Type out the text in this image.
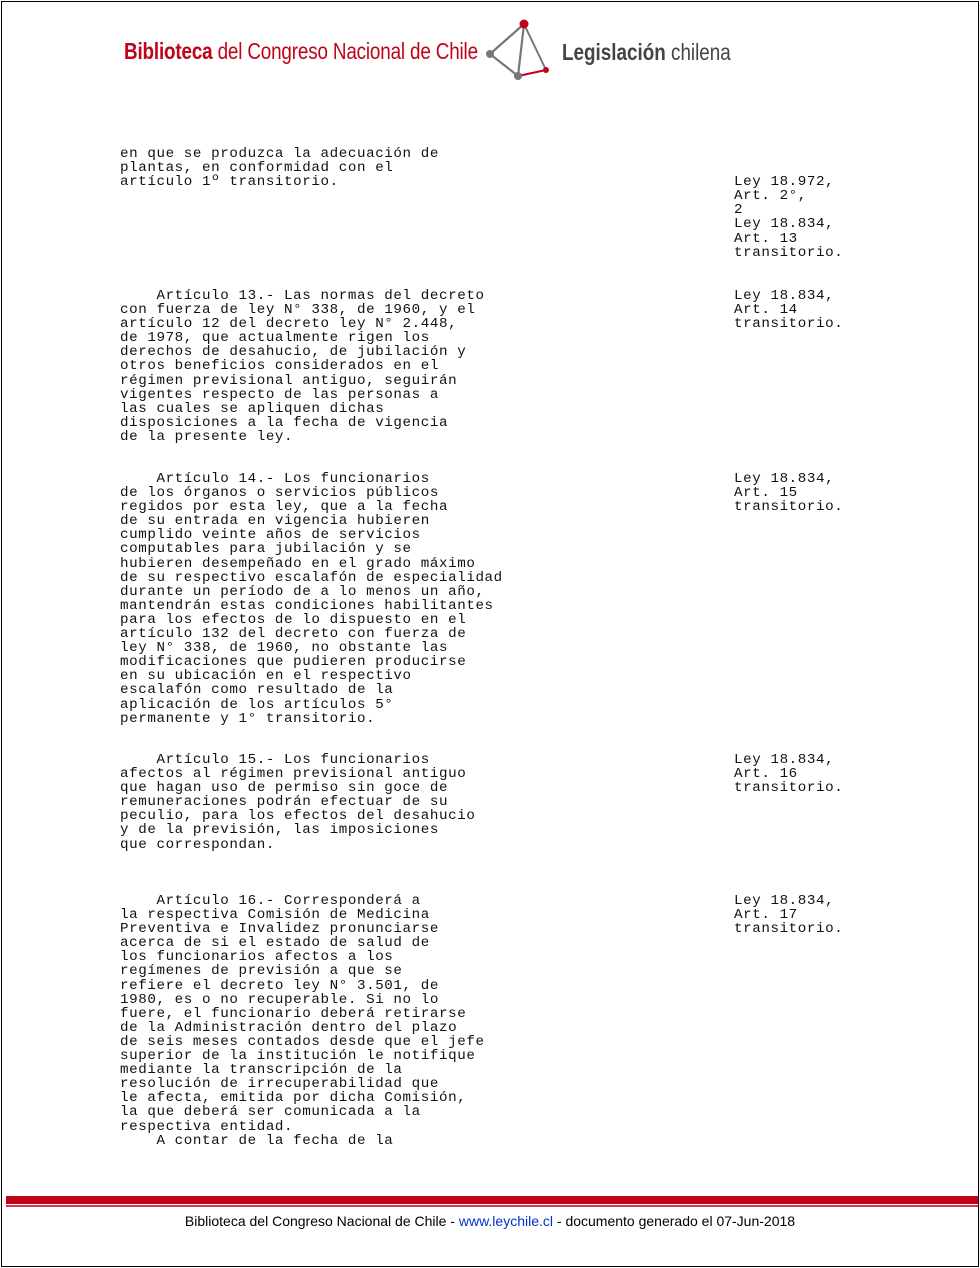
Biblioteca del Congreso Nacional de Chile	Legislación chilena
en que se produzca la adecuación de
plantas, en conformidad con el
artículo 1º transitorio.	

Ley 18.972,
Art. 2°,
2
Ley 18.834,
Art. 13
transitorio.
Artículo 13.- Las normas del decreto
con fuerza de ley N° 338, de 1960, y el
artículo 12 del decreto ley N° 2.448,
de 1978, que actualmente rigen los
derechos de desahucio, de jubilación y
otros beneficios considerados en el
régimen previsional antiguo, seguirán
vigentes respecto de las personas a
las cuales se apliquen dichas
disposiciones a la fecha de vigencia
de la presente ley.
Ley 18.834,
Art. 14
transitorio.
Artículo 14.- Los funcionarios
de los órganos o servicios públicos
regidos por esta ley, que a la fecha
de su entrada en vigencia hubieren
cumplido veinte años de servicios
computables para jubilación y se
hubieren desempeñado en el grado máximo
de su respectivo escalafón de especialidad
durante un período de a lo menos un año,
mantendrán estas condiciones habilitantes
para los efectos de lo dispuesto en el
artículo 132 del decreto con fuerza de
ley N° 338, de 1960, no obstante las
modificaciones que pudieren producirse
en su ubicación en el respectivo
escalafón como resultado de la
aplicación de los artículos 5°
permanente y 1° transitorio.
Ley 18.834,
Art. 15
transitorio.
Artículo 15.- Los funcionarios
afectos al régimen previsional antiguo
que hagan uso de permiso sin goce de
remuneraciones podrán efectuar de su
peculio, para los efectos del desahucio
y de la previsión, las imposiciones
que correspondan.
Ley 18.834,
Art. 16
transitorio.
Artículo 16.- Corresponderá a
la respectiva Comisión de Medicina
Preventiva e Invalidez pronunciarse
acerca de si el estado de salud de
los funcionarios afectos a los
regímenes de previsión a que se
refiere el decreto ley N° 3.501, de
1980, es o no recuperable. Si no lo
fuere, el funcionario deberá retirarse
de la Administración dentro del plazo
de seis meses contados desde que el jefe
superior de la institución le notifique
mediante la transcripción de la
resolución de irrecuperabilidad que
le afecta, emitida por dicha Comisión,
la que deberá ser comunicada a la
respectiva entidad.
A contar de la fecha de la
Ley 18.834,
Art. 17
transitorio.
Biblioteca del Congreso Nacional de Chile - www.leychile.cl - documento generado el 07-Jun-2018
